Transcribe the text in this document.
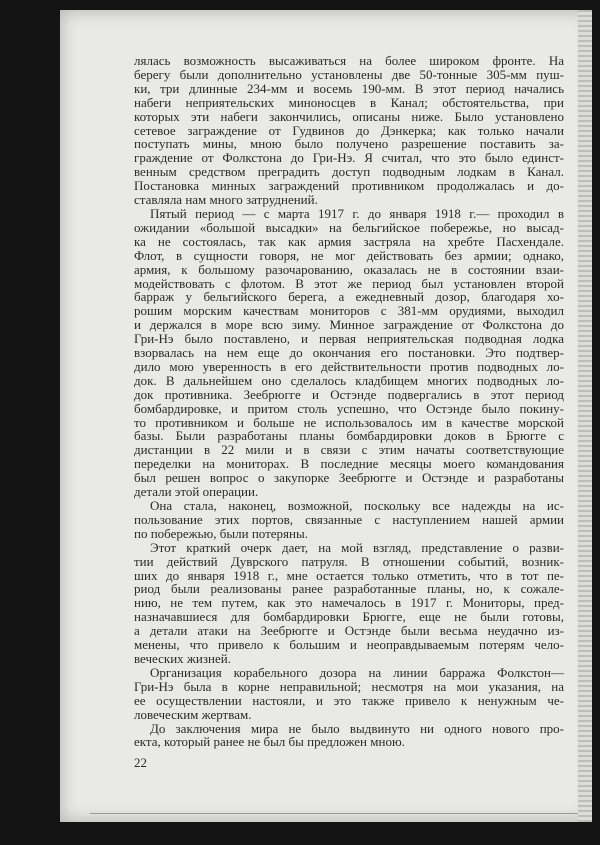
лялась возможность высаживаться на более широком фронте. На
берегу были дополнительно установлены две 50-тонные 305-мм пуш-
ки, три длинные 234-мм и восемь 190-мм. В этот период начались
набеги неприятельских миноносцев в Канал; обстоятельства, при
которых эти набеги закончились, описаны ниже. Было установлено
сетевое заграждение от Гудвинов до Дэнкерка; как только начали
поступать мины, мною было получено разрешение поставить за-
граждение от Фолкстона до Гри-Нэ. Я считал, что это было единст-
венным средством преградить доступ подводным лодкам в Канал.
Постановка минных заграждений противником продолжалась и до-
ставляла нам много затруднений.
Пятый период — с марта 1917 г. до января 1918 г.— проходил в
ожидании «большой высадки» на бельгийское побережье, но высад-
ка не состоялась, так как армия застряла на хребте Пасхендале.
Флот, в сущности говоря, не мог действовать без армии; однако,
армия, к большому разочарованию, оказалась не в состоянии взаи-
модействовать с флотом. В этот же период был установлен второй
барраж у бельгийского берега, а ежедневный дозор, благодаря хо-
рошим морским качествам мониторов с 381-мм орудиями, выходил
и держался в море всю зиму. Минное заграждение от Фолкстона до
Гри-Нэ было поставлено, и первая неприятельская подводная лодка
взорвалась на нем еще до окончания его постановки. Это подтвер-
дило мою уверенность в его действительности против подводных ло-
док. В дальнейшем оно сделалось кладбищем многих подводных ло-
док противника. Зеебрюгге и Остэнде подвергались в этот период
бомбардировке, и притом столь успешно, что Остэнде было покину-
то противником и больше не использовалось им в качестве морской
базы. Были разработаны планы бомбардировки доков в Брюгге с
дистанции в 22 мили и в связи с этим начаты соответствующие
переделки на мониторах. В последние месяцы моего командования
был решен вопрос о закупорке Зеебрюгге и Остэнде и разработаны
детали этой операции.
Она стала, наконец, возможной, поскольку все надежды на ис-
пользование этих портов, связанные с наступлением нашей армии
по побережью, были потеряны.
Этот краткий очерк дает, на мой взгляд, представление о разви-
тии действий Дуврского патруля. В отношении событий, возник-
ших до января 1918 г., мне остается только отметить, что в тот пе-
риод были реализованы ранее разработанные планы, но, к сожале-
нию, не тем путем, как это намечалось в 1917 г. Мониторы, пред-
назначавшиеся для бомбардировки Брюгге, еще не были готовы,
а детали атаки на Зеебрюгге и Остэнде были весьма неудачно из-
менены, что привело к большим и неоправдываемым потерям чело-
веческих жизней.
Организация корабельного дозора на линии барража Фолкстон—
Гри-Нэ была в корне неправильной; несмотря на мои указания, на
ее осуществлении настояли, и это также привело к ненужным че-
ловеческим жертвам.
До заключения мира не было выдвинуто ни одного нового про-
екта, который ранее не был бы предложен мною.
22
